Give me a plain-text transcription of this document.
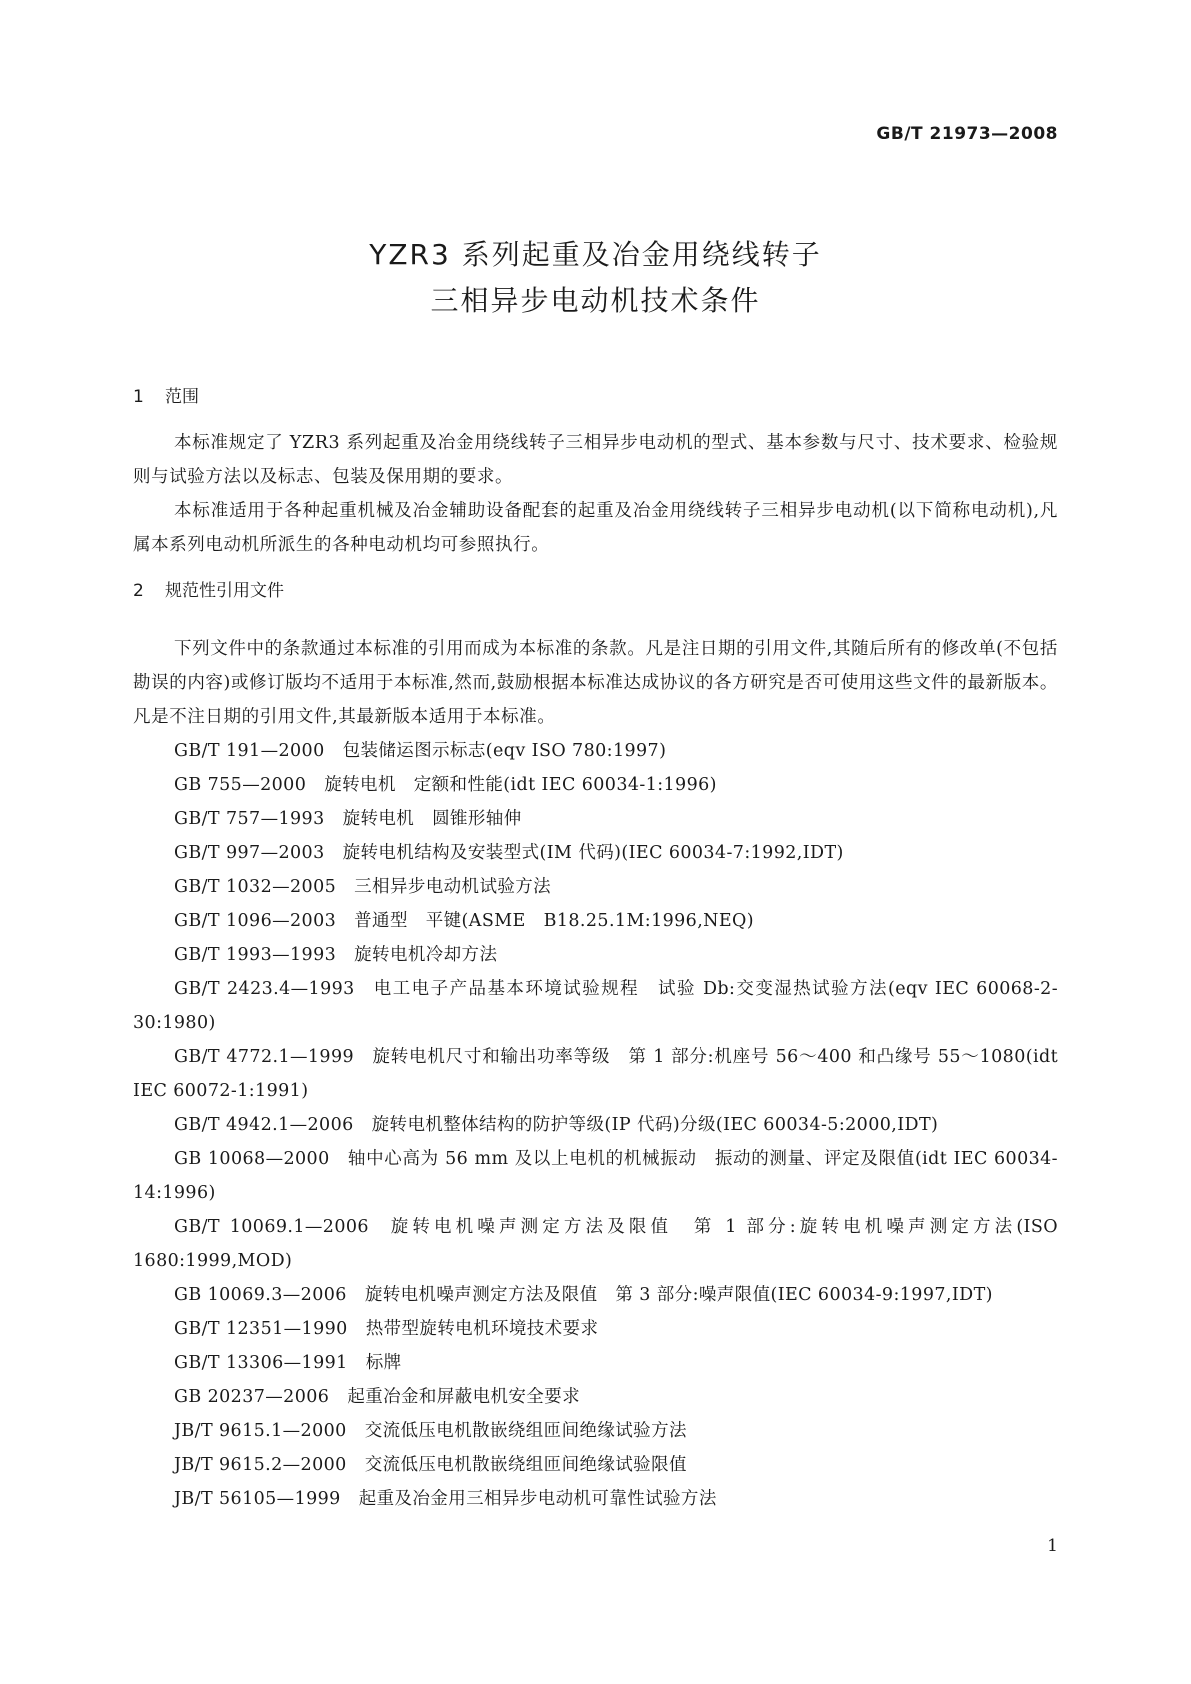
GB/T 21973—2008
YZR3 系列起重及冶金用绕线转子
三相异步电动机技术条件
1 范围

本标准规定了 YZR3 系列起重及冶金用绕线转子三相异步电动机的型式、基本参数与尺寸、技术要求、检验规则与试验方法以及标志、包装及保用期的要求。

本标准适用于各种起重机械及冶金辅助设备配套的起重及冶金用绕线转子三相异步电动机(以下简称电动机),凡属本系列电动机所派生的各种电动机均可参照执行。

2 规范性引用文件

下列文件中的条款通过本标准的引用而成为本标准的条款。凡是注日期的引用文件,其随后所有的修改单(不包括勘误的内容)或修订版均不适用于本标准,然而,鼓励根据本标准达成协议的各方研究是否可使用这些文件的最新版本。凡是不注日期的引用文件,其最新版本适用于本标准。

GB/T 191—2000 包装储运图示标志(eqv ISO 780:1997)

GB 755—2000 旋转电机　定额和性能(idt IEC 60034-1:1996)

GB/T 757—1993 旋转电机　圆锥形轴伸

GB/T 997—2003 旋转电机结构及安装型式(IM 代码)(IEC 60034-7:1992,IDT)

GB/T 1032—2005 三相异步电动机试验方法

GB/T 1096—2003 普通型　平键(ASME　B18.25.1M:1996,NEQ)

GB/T 1993—1993 旋转电机冷却方法

GB/T 2423.4—1993 电工电子产品基本环境试验规程　试验 Db:交变湿热试验方法(eqv IEC 60068-2-30:1980)

GB/T 4772.1—1999 旋转电机尺寸和输出功率等级　第 1 部分:机座号 56～400 和凸缘号 55～1080(idt IEC 60072-1:1991)

GB/T 4942.1—2006 旋转电机整体结构的防护等级(IP 代码)分级(IEC 60034-5:2000,IDT)

GB 10068—2000 轴中心高为 56 mm 及以上电机的机械振动　振动的测量、评定及限值(idt IEC 60034-14:1996)

GB/T 10069.1—2006 旋转电机噪声测定方法及限值　第 1 部分:旋转电机噪声测定方法(ISO 1680:1999,MOD)

GB 10069.3—2006 旋转电机噪声测定方法及限值　第 3 部分:噪声限值(IEC 60034-9:1997,IDT)

GB/T 12351—1990 热带型旋转电机环境技术要求

GB/T 13306—1991 标牌

GB 20237—2006 起重冶金和屏蔽电机安全要求

JB/T 9615.1—2000 交流低压电机散嵌绕组匝间绝缘试验方法

JB/T 9615.2—2000 交流低压电机散嵌绕组匝间绝缘试验限值

JB/T 56105—1999 起重及冶金用三相异步电动机可靠性试验方法

1
